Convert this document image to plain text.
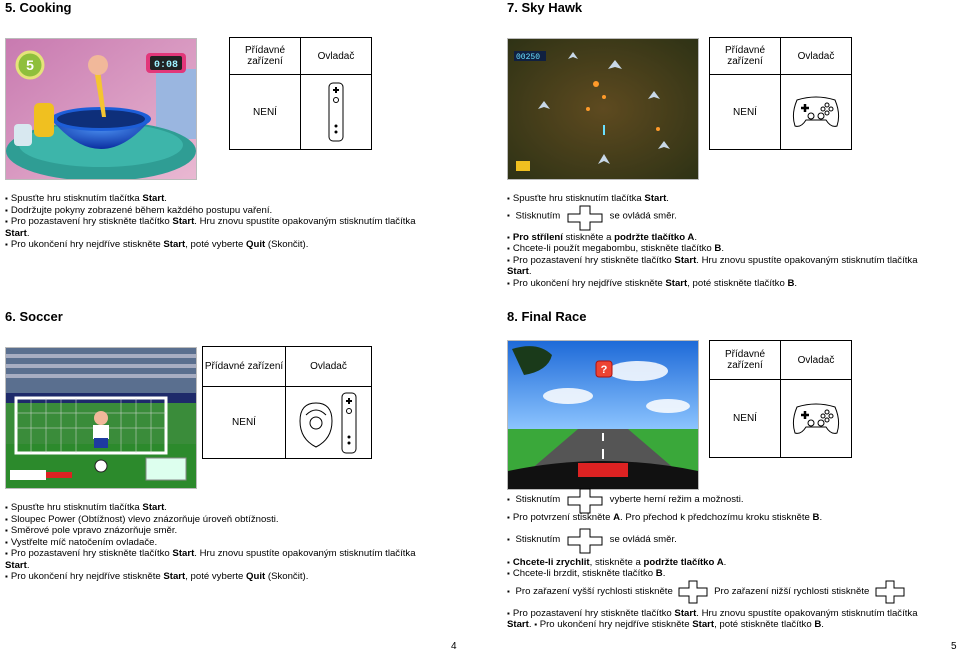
5. Cooking	7. Sky Hawk
6. Soccer	8. Final Race
5	0:08
Přídavné zařízení	Ovladač
NENÍ	
▪ Spusťte hru stisknutím tlačítka Start.
▪ Dodržujte pokyny zobrazené během každého postupu vaření.
▪ Pro pozastavení hry stiskněte tlačítko Start. Hru znovu spustíte opakovaným stisknutím tlačítka
Start.
▪ Pro ukončení hry nejdříve stiskněte Start, poté vyberte Quit (Skončit).
00250
Přídavné zařízení	Ovladač
NENÍ	
▪ Spusťte hru stisknutím tlačítka Start.
▪ Stisknutím	se ovládá směr.
▪ Pro střílení stiskněte a podržte tlačítko A.
▪ Chcete-li použít megabombu, stiskněte tlačítko B.
▪ Pro pozastavení hry stiskněte tlačítko Start. Hru znovu spustíte opakovaným stisknutím tlačítka
Start.
▪ Pro ukončení hry nejdříve stiskněte Start, poté stiskněte tlačítko B.
Přídavné zařízení	Ovladač
NENÍ	
▪ Spusťte hru stisknutím tlačítka Start.
▪ Sloupec Power (Obtížnost) vlevo znázorňuje úroveň obtížnosti.
▪ Směrové pole vpravo znázorňuje směr.
▪ Vystřelte míč natočením ovladače.
▪ Pro pozastavení hry stiskněte tlačítko Start. Hru znovu spustíte opakovaným stisknutím tlačítka
Start.
▪ Pro ukončení hry nejdříve stiskněte Start, poté vyberte Quit (Skončit).
?
Přídavné zařízení	Ovladač
NENÍ	
▪ Stisknutím	vyberte herní režim a možnosti.
▪ Pro potvrzení stiskněte A. Pro přechod k předchozímu kroku stiskněte B.
▪ Stisknutím	se ovládá směr.
▪ Chcete-li zrychlit, stiskněte a podržte tlačítko A.
▪ Chcete-li brzdit, stiskněte tlačítko B.
▪ Pro zařazení vyšší rychlosti stiskněte	Pro zařazení nižší rychlosti stiskněte
▪ Pro pozastavení hry stiskněte tlačítko Start. Hru znovu spustíte opakovaným stisknutím tlačítka
Start. ▪ Pro ukončení hry nejdříve stiskněte Start, poté stiskněte tlačítko B.
4	5
